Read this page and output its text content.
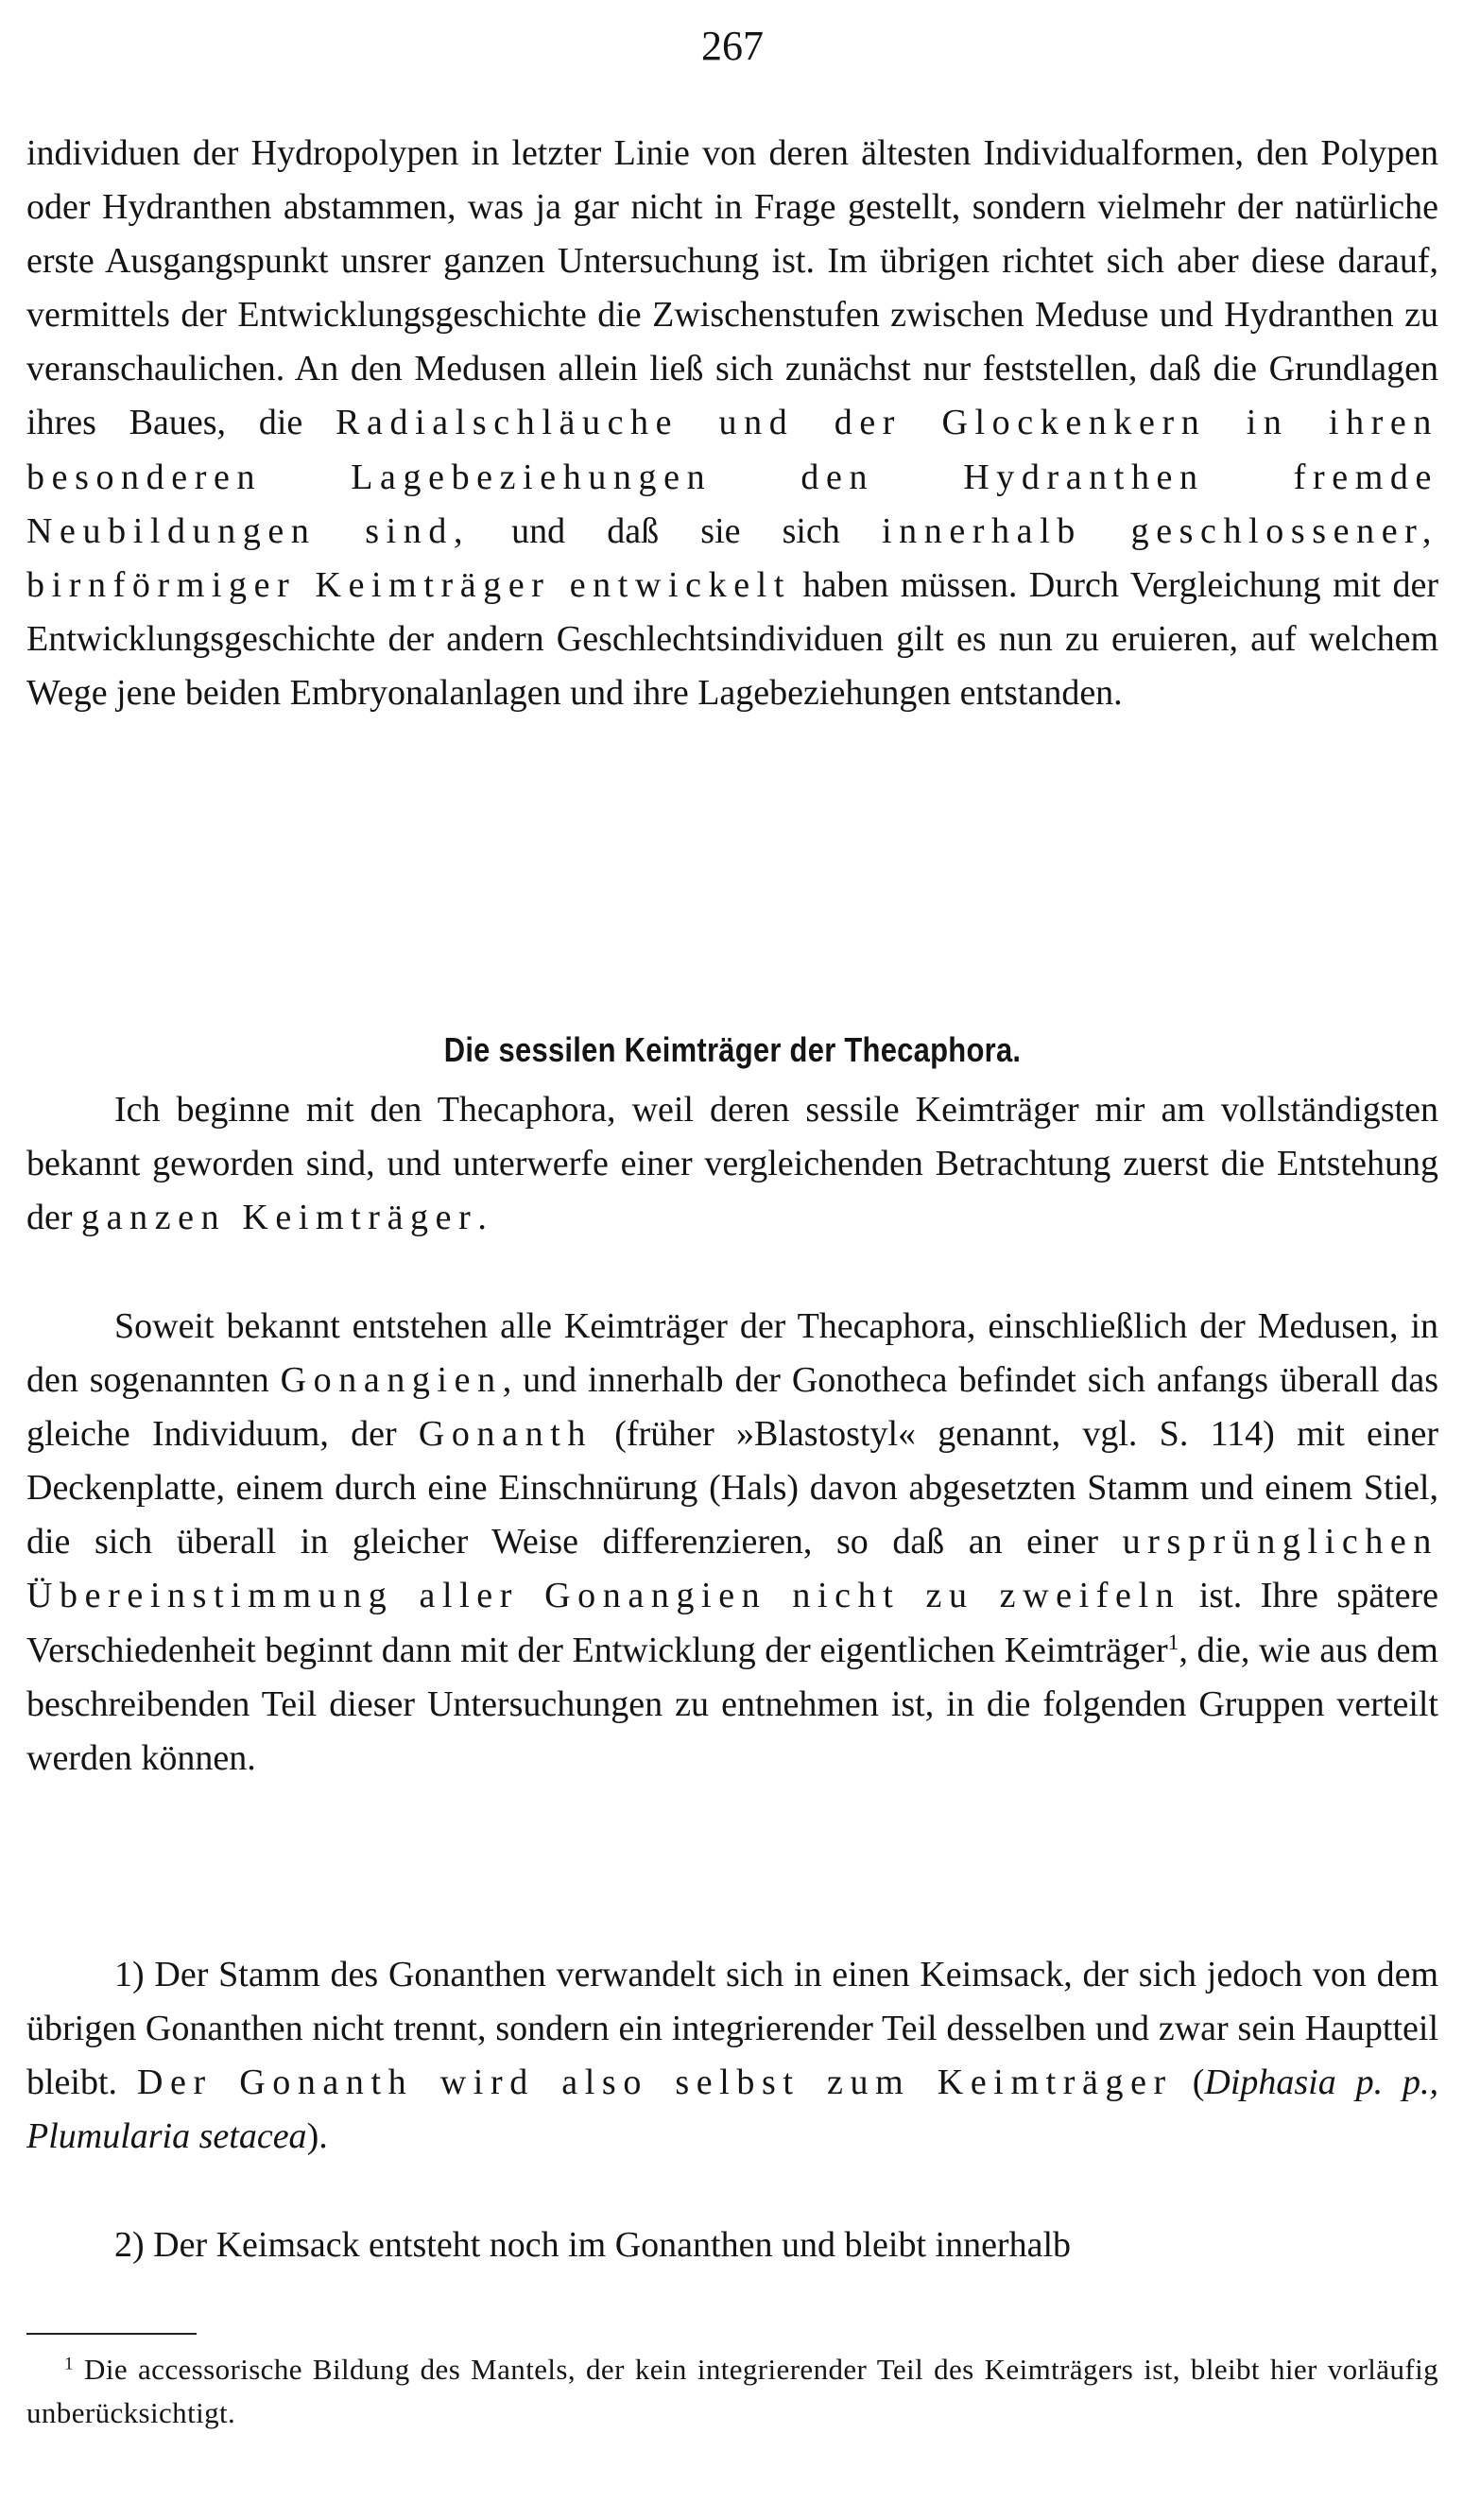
267

individuen der Hydropolypen in letzter Linie von deren ältesten Individualformen, den Polypen oder Hydranthen abstammen, was ja gar nicht in Frage gestellt, sondern vielmehr der natürliche erste Ausgangspunkt unsrer ganzen Untersuchung ist. Im übrigen richtet sich aber diese darauf, vermittels der Entwicklungsgeschichte die Zwischenstufen zwischen Meduse und Hydranthen zu veranschaulichen. An den Medusen allein ließ sich zunächst nur feststellen, daß die Grundlagen ihres Baues, die Radialschläuche und der Glockenkern in ihren besonderen Lagebeziehungen den Hydranthen fremde Neubildungen sind, und daß sie sich innerhalb geschlossener, birnförmiger Keimträger entwickelt haben müssen. Durch Vergleichung mit der Entwicklungsgeschichte der andern Geschlechtsindividuen gilt es nun zu eruieren, auf welchem Wege jene beiden Embryonalanlagen und ihre Lagebeziehungen entstanden.

Die sessilen Keimträger der Thecaphora.

Ich beginne mit den Thecaphora, weil deren sessile Keimträger mir am vollständigsten bekannt geworden sind, und unterwerfe einer vergleichenden Betrachtung zuerst die Entstehung der ganzen Keimträger.

Soweit bekannt entstehen alle Keimträger der Thecaphora, einschließlich der Medusen, in den sogenannten Gonangien, und innerhalb der Gonotheca befindet sich anfangs überall das gleiche Individuum, der Gonanth (früher »Blastostyl« genannt, vgl. S. 114) mit einer Deckenplatte, einem durch eine Einschnürung (Hals) davon abgesetzten Stamm und einem Stiel, die sich überall in gleicher Weise differenzieren, so daß an einer ursprünglichen Übereinstimmung aller Gonangien nicht zu zweifeln ist. Ihre spätere Verschiedenheit beginnt dann mit der Entwicklung der eigentlichen Keimträger$^1$, die, wie aus dem beschreibenden Teil dieser Untersuchungen zu entnehmen ist, in die folgenden Gruppen verteilt werden können.

1) Der Stamm des Gonanthen verwandelt sich in einen Keimsack, der sich jedoch von dem übrigen Gonanthen nicht trennt, sondern ein integrierender Teil desselben und zwar sein Hauptteil bleibt. Der Gonanth wird also selbst zum Keimträger (Diphasia p. p., Plumularia setacea).

2) Der Keimsack entsteht noch im Gonanthen und bleibt innerhalb

$^1$ Die accessorische Bildung des Mantels, der kein integrierender Teil des Keimträgers ist, bleibt hier vorläufig unberücksichtigt.
